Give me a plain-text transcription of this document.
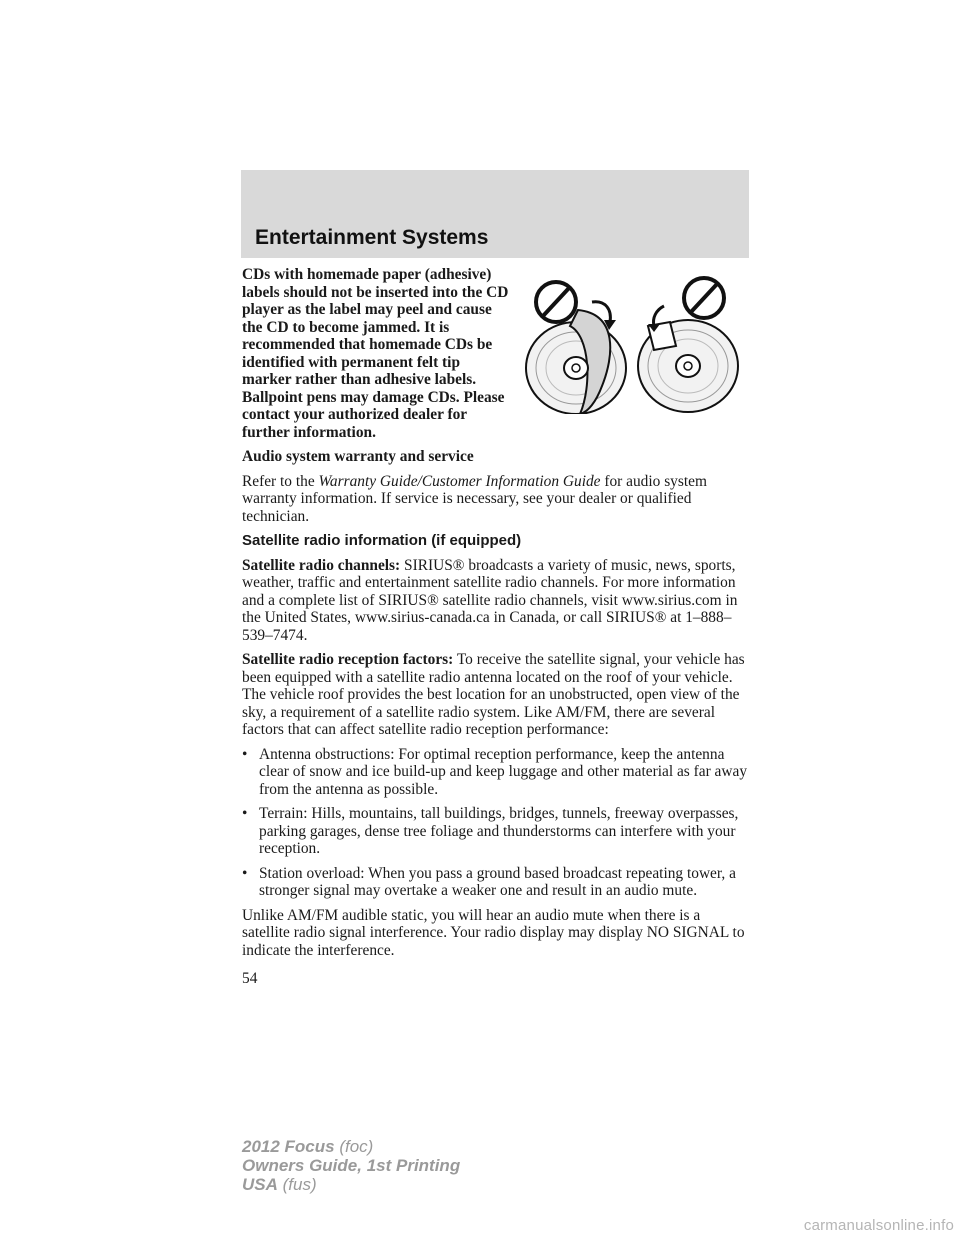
Entertainment Systems

CDs with homemade paper (adhesive) labels should not be inserted into the CD player as the label may peel and cause the CD to become jammed. It is recommended that homemade CDs be identified with permanent felt tip marker rather than adhesive labels. Ballpoint pens may damage CDs. Please contact your authorized dealer for further information.

Audio system warranty and service

Refer to the Warranty Guide/Customer Information Guide for audio system warranty information. If service is necessary, see your dealer or qualified technician.

Satellite radio information (if equipped)

Satellite radio channels: SIRIUS® broadcasts a variety of music, news, sports, weather, traffic and entertainment satellite radio channels. For more information and a complete list of SIRIUS® satellite radio channels, visit www.sirius.com in the United States, www.sirius-canada.ca in Canada, or call SIRIUS® at 1–888–539–7474.

Satellite radio reception factors: To receive the satellite signal, your vehicle has been equipped with a satellite radio antenna located on the roof of your vehicle. The vehicle roof provides the best location for an unobstructed, open view of the sky, a requirement of a satellite radio system. Like AM/FM, there are several factors that can affect satellite radio reception performance:

• Antenna obstructions: For optimal reception performance, keep the antenna clear of snow and ice build-up and keep luggage and other material as far away from the antenna as possible.
• Terrain: Hills, mountains, tall buildings, bridges, tunnels, freeway overpasses, parking garages, dense tree foliage and thunderstorms can interfere with your reception.
• Station overload: When you pass a ground based broadcast repeating tower, a stronger signal may overtake a weaker one and result in an audio mute.

Unlike AM/FM audible static, you will hear an audio mute when there is a satellite radio signal interference. Your radio display may display NO SIGNAL to indicate the interference.

54
2012 Focus (foc)
Owners Guide, 1st Printing
USA (fus)
carmanualsonline.info
